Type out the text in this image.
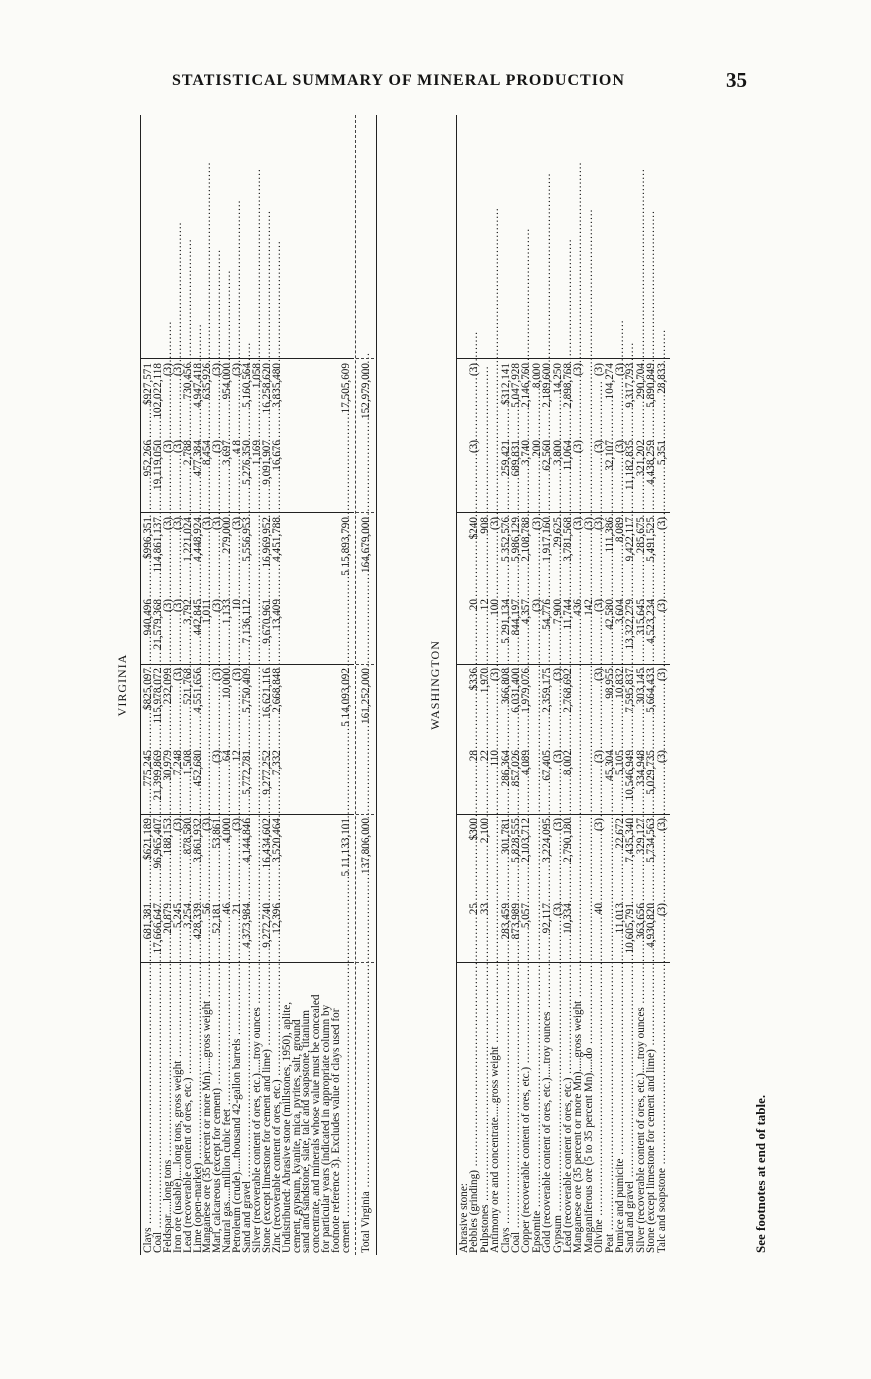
STATISTICAL SUMMARY OF MINERAL PRODUCTION	35
VIRGINIA
Clays .....
681,381
$621,189
775,245
$825,097
940,496
$996,351
952,266
$927,571
Coal .....
17,666,647
96,965,407
21,399,869
115,978,072
21,579,368
114,861,137
19,119,050
102,022,118
Feldspar.....long tons .....
20,879
188,153
30,979
232,099
(3)
(3)
(3)
(3)
Iron ore (usable).....long tons, gross weight .....
5,245
(3)
7,248
(3)
(3)
(3)
(3)
(3)
Lead (recoverable content of ores, etc.) .....
3,254
878,580
1,508
521,768
3,792
1,221,024
2,788
730,456
Lime (open-market) .....
428,339
3,861,932
452,680
4,551,656
442,845
4,448,924
477,384
4,947,418
Manganese ore (35 percent or more Mn).....gross weight .....
56
(3)
1,011
(3)
8,454
635,926
Marl, calcareous (except for cement) .....
52,181
53,861
(3)
(3)
(3)
(3)
(3)
(3)
Natural gas.....million cubic feet .....
46
4,000
64
10,000
1,133
279,000
3,697
954,000
Petroleum (crude).....thousand 42-gallon barrels .....
21
(3)
12
(3)
10
(3)
4 8
(3)
Sand and gravel .....
4,373,984
4,144,846
5,772,781
5,750,409
7,136,112
5,556,953
5,276,350
5,160,564
Silver (recoverable content of ores, etc.).....troy ounces .....
1,169
1,058
Stone (except limestone for cement and lime) .....
9,272,740
16,434,602
9,277,252
16,621,116
9,670,961
16,969,952
9,091,907
16,258,620
Zinc (recoverable content of ores, etc.) .....
12,396
3,520,464
7,332
2,668,848
13,409
4,451,788
16,676
3,835,480
Undistributed: Abrasive stone (millstones, 1950), aplite,
cement, gypsum, kyanite, mica, pyrites, salt, ground
sand and sandstone, slate, talc and soapstone, titanium
concentrate, and minerals whose value must be concealed
for particular years (indicated in appropriate column by
footnote reference 3). Excludes value of clays used for
cement .....
5 11,133,101
5 14,093,092
5 15,893,790
17,505,609
Total Virginia .....
137,806,000
161,252,000
164,679,000
152,979,000
WASHINGTON
Abrasive stone:
Pebbles (grinding) .....
25
$300
28
$336
20
$240
(3)
(3)
Pulpstones .....
33
2,100
22
1,970
12
908
Antimony ore and concentrate.....gross weight .....
110
(3)
100
(3)
Clays .....
283,459
301,781
286,364
366,808
5 291,134
5 352,576
259,421
$312,141
Coal .....
873,989
5,828,555
857,026
6,031,400
844,197
5,986,129
689,831
5,047,928
Copper (recoverable content of ores, etc.) .....
5,057
2,103,712
4,089
1,979,076
4,357
2,108,788
3,740
2,146,760
Epsomite .....
(3)
(3)
200
8,000
Gold (recoverable content of ores, etc.).....troy ounces .....
92,117
3,224,095
67,405
2,359,175
54,776
1,917,160
62,560
2,189,600
Gypsum .....
(3)
(3)
(3)
(3)
7,900
29,625
3,800
14,250
Lead (recoverable content of ores, etc.) .....
10,334
2,790,180
8,002
2,768,692
11,744
3,781,568
11,064
2,898,768
Manganese ore (35 percent or more Mn).....gross weight .....
436
(3)
(3)
(3)
Manganiferous ore (5 to 35 percent Mn).....do .....
142
(3)
Olivine .....
40
(3)
(3)
(3)
(3)
(3)
(3)
(3)
Peat .....
45,304
98,955
42,580
111,386
32,107
104,274
Pumice and pumicite .....
11,013
22,672
5,105
10,832
3,604
8,089
(3)
(3)
Sand and gravel .....
10,605,791
7,435,340
10,546,949
7,595,837
13,322,279
9,422,117
11,182,835
9,317,793
Silver (recoverable content of ores, etc.).....troy ounces .....
363,656
329,127
334,948
303,145
315,645
285,675
321,202
290,704
Stone (except limestone for cement and lime) .....
4,930,820
5,734,563
5,029,735
5,664,433
4,523,234
5,491,525
4,438,259
5,890,849
Talc and soapstone .....
(3)
(3)
(3)
(3)
(3)
(3)
5,351
28,833
See footnotes at end of table.
